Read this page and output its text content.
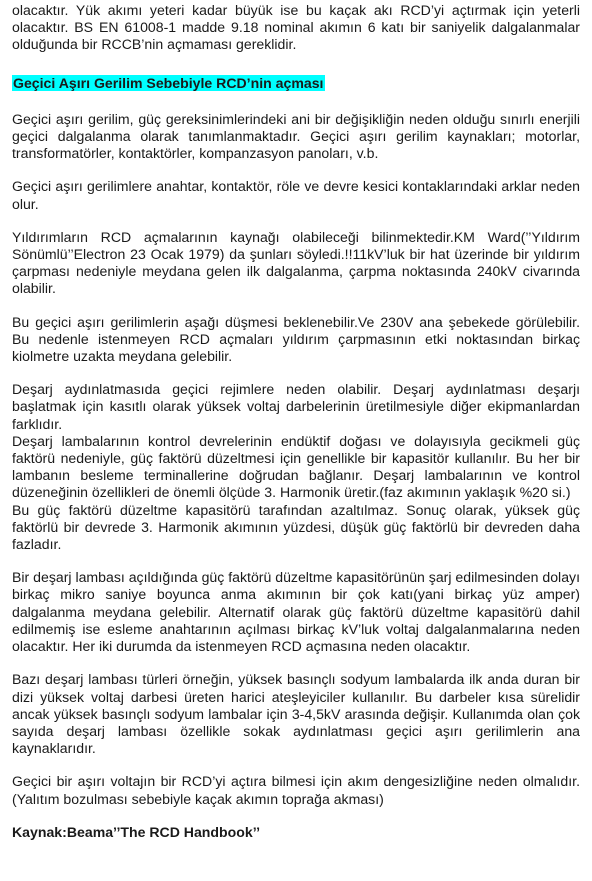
olacaktır. Yük akımı yeteri kadar büyük ise bu kaçak akı RCD’yi açtırmak için yeterli olacaktır. BS EN 61008-1 madde 9.18 nominal akımın 6 katı bir saniyelik dalgalanmalar olduğunda bir RCCB’nin açmaması gereklidir.

Geçici Aşırı Gerilim Sebebiyle RCD’nin açması

Geçici aşırı gerilim, güç gereksinimlerindeki ani bir değişikliğin neden olduğu sınırlı enerjili geçici dalgalanma olarak tanımlanmaktadır. Geçici aşırı gerilim kaynakları; motorlar, transformatörler, kontaktörler, kompanzasyon panoları, v.b.

Geçici aşırı gerilimlere anahtar, kontaktör, röle ve devre kesici kontaklarındaki arklar neden olur.

Yıldırımların RCD açmalarının kaynağı olabileceği bilinmektedir.KM Ward(’’Yıldırım Sönümlü’’Electron 23 Ocak 1979) da şunları söyledi.!!11kV’luk bir hat üzerinde bir yıldırım çarpması nedeniyle meydana gelen ilk dalgalanma, çarpma noktasında 240kV civarında olabilir.

Bu geçici aşırı gerilimlerin aşağı düşmesi beklenebilir.Ve 230V ana şebekede görülebilir. Bu nedenle istenmeyen RCD açmaları yıldırım çarpmasının etki noktasından birkaç kiolmetre uzakta meydana gelebilir.

Deşarj aydınlatmasıda geçici rejimlere neden olabilir. Deşarj aydınlatması deşarjı başlatmak için kasıtlı olarak yüksek voltaj darbelerinin üretilmesiyle diğer ekipmanlardan farklıdır.

Deşarj lambalarının kontrol devrelerinin endüktif doğası ve dolayısıyla gecikmeli güç faktörü nedeniyle, güç faktörü düzeltmesi için genellikle bir kapasitör kullanılır. Bu her bir lambanın besleme terminallerine doğrudan bağlanır. Deşarj lambalarının ve kontrol düzeneğinin özellikleri de önemli ölçüde 3. Harmonik üretir.(faz akımının yaklaşık %20 si.)

Bu güç faktörü düzeltme kapasitörü tarafından azaltılmaz. Sonuç olarak, yüksek güç faktörlü bir devrede 3. Harmonik akımının yüzdesi, düşük güç faktörlü bir devreden daha fazladır.

Bir deşarj lambası açıldığında güç faktörü düzeltme kapasitörünün şarj edilmesinden dolayı birkaç mikro saniye boyunca anma akımının bir çok katı(yani birkaç yüz amper) dalgalanma meydana gelebilir. Alternatif olarak güç faktörü düzeltme kapasitörü dahil edilmemiş ise esleme anahtarının açılması birkaç kV’luk voltaj dalgalanmalarına neden olacaktır. Her iki durumda da istenmeyen RCD açmasına neden olacaktır.

Bazı deşarj lambası türleri örneğin, yüksek basınçlı sodyum lambalarda ilk anda duran bir dizi yüksek voltaj darbesi üreten harici ateşleyiciler kullanılır. Bu darbeler kısa sürelidir ancak yüksek basınçlı sodyum lambalar için 3-4,5kV arasında değişir. Kullanımda olan çok sayıda deşarj lambası özellikle sokak aydınlatması geçici aşırı gerilimlerin ana kaynaklarıdır.

Geçici bir aşırı voltajın bir RCD’yi açtıra bilmesi için akım dengesizliğine neden olmalıdır.(Yalıtım bozulması sebebiyle kaçak akımın toprağa akması)

Kaynak:Beama’’The RCD Handbook’’
